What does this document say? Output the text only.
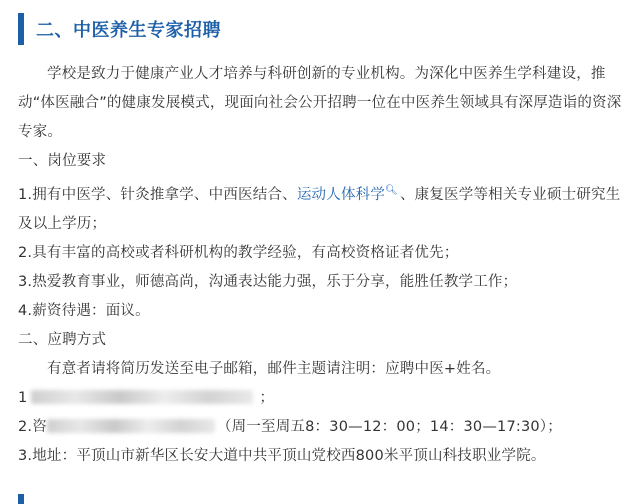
二、中医养生专家招聘

学校是致力于健康产业人才培养与科研创新的专业机构。为深化中医养生学科建设，推动“体医融合”的健康发展模式，现面向社会公开招聘一位在中医养生领域具有深厚造诣的资深专家。

一、岗位要求

1.拥有中医学、针灸推拿学、中西医结合、运动人体科学🔍︎ 、康复医学等相关专业硕士研究生及以上学历；

2.具有丰富的高校或者科研机构的教学经验，有高校资格证者优先；

3.热爱教育事业，师德高尚，沟通表达能力强，乐于分享，能胜任教学工作；

4.薪资待遇：面议。

二、应聘方式

有意者请将简历发送至电子邮箱，邮件主题请注明：应聘中医+姓名。

1	；

2.咨	（周一至周五8：30—12：00；14：30—17:30）；

3.地址：平顶山市新华区长安大道中共平顶山党校西800米平顶山科技职业学院。
